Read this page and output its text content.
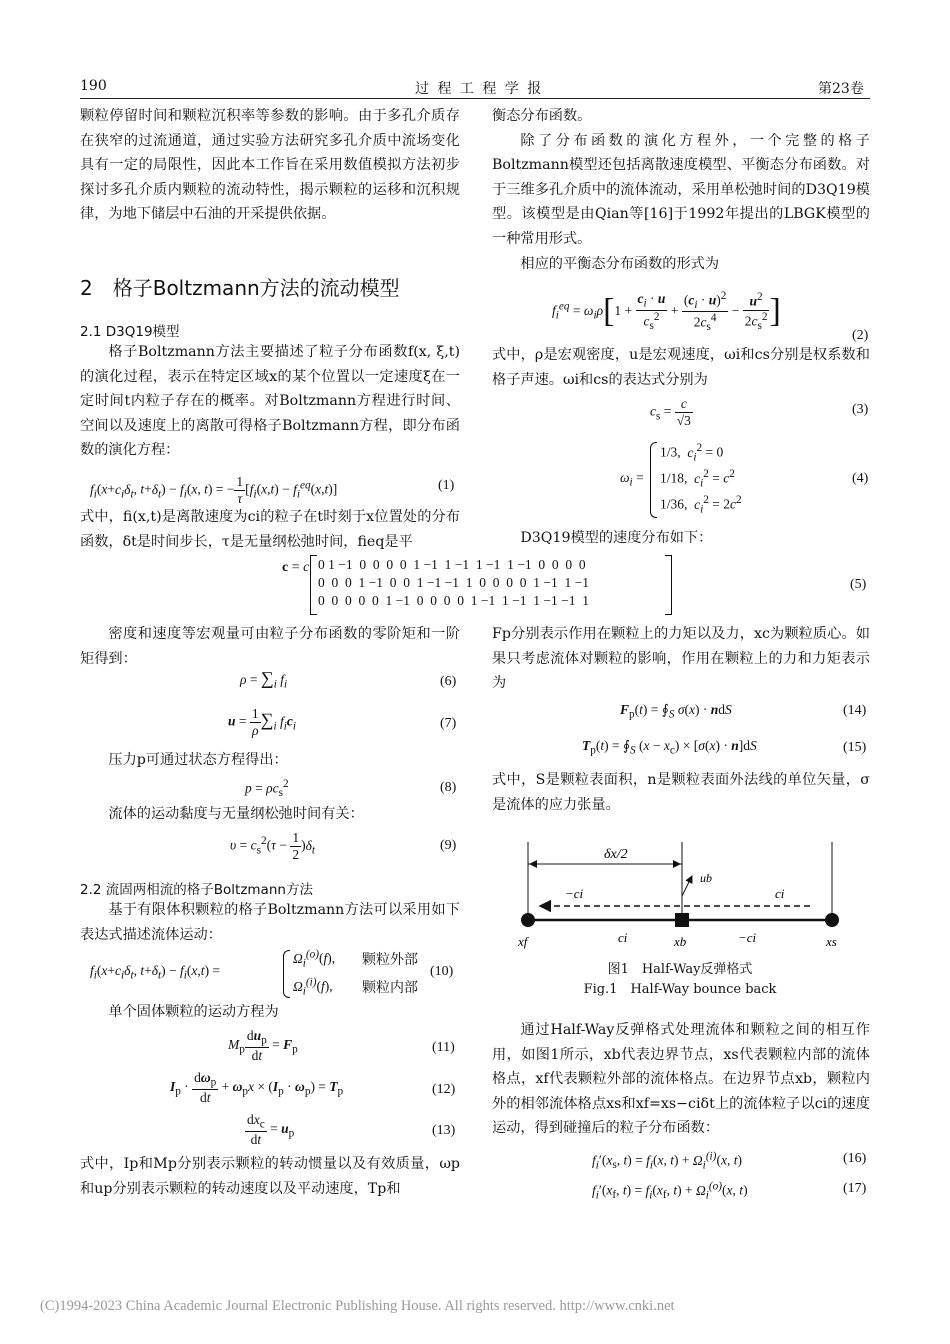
190	过 程 工 程 学 报	第23卷

颗粒停留时间和颗粒沉积率等参数的影响。由于多孔介质存在狭窄的过流通道，通过实验方法研究多孔介质中流场变化具有一定的局限性，因此本工作旨在采用数值模拟方法初步探讨多孔介质内颗粒的流动特性，揭示颗粒的运移和沉积规律，为地下储层中石油的开采提供依据。

2　格子Boltzmann方法的流动模型
2.1 D3Q19模型

格子Boltzmann方法主要描述了粒子分布函数f(x, ξ,t)的演化过程，表示在特定区域x的某个位置以一定速度ξ在一定时间t内粒子存在的概率。对Boltzmann方程进行时间、空间以及速度上的离散可得格子Boltzmann方程，即分布函数的演化方程：

$f_i(x+c_i\delta_t$, $t+\delta_t) - f_i(x$, t) = − $\frac{1}{\tau} [f_i(x,t) - f_i^{eq}(x,t)]$	(1)

式中，fi(x,t)是离散速度为ci的粒子在t时刻于x位置处的分布函数，δt是时间步长，τ是无量纲松弛时间，fieq是平

c = c 0 1 −1  0  0  0  0  1 −1  1 −1  1 −1  1 −1  0  0  0  0
0  0  0  1 −1  0  0  1 −1 −1  1  0  0  0  0  1 −1  1 −1
0  0  0  0  0  1 −1  0  0  0  0  1 −1  1 −1  1 −1 −1  1
(5)

密度和速度等宏观量可由粒子分布函数的零阶矩和一阶矩得到：

$\rho = \sum_i$ $f_i$	(6)
$u = \frac{1}{\rho} \sum_i$ $f_ic_i$	(7)

压力p可通过状态方程得出：

$p = \rho c_s^2$	(8)

流体的运动黏度与无量纲松弛时间有关：

$\upsilon = c_s^2(\tau - \frac{1}{2} )\delta_t$	(9)
2.2 流固两相流的格子Boltzmann方法

基于有限体积颗粒的格子Boltzmann方法可以采用如下表达式描述流体运动：

$f_i(x+c_i\delta_t$, $t+\delta_t) - f_i(x,t)$ =
$\Omega_i^{(o)}(f)$,
$\Omega_i^{(i)}(f)$,
颗粒外部
颗粒内部
(10)

单个固体颗粒的运动方程为

$M_p \frac{du_p}{dt} = F_p$	(11)
$I_p \cdot \frac{d\omega_p}{dt} + \omega_px \times (I_p \cdot \omega_p) = T_p$	(12)
$\frac{dx_c}{dt} = u_p$	(13)

式中，Ip和Mp分别表示颗粒的转动惯量以及有效质量，ωp和up分别表示颗粒的转动速度以及平动速度，Tp和

衡态分布函数。

除了分布函数的演化方程外，一个完整的格子Boltzmann模型还包括离散速度模型、平衡态分布函数。对于三维多孔介质中的流体流动，采用单松弛时间的D3Q19模型。该模型是由Qian等[16]于1992年提出的LBGK模型的一种常用形式。

相应的平衡态分布函数的形式为

$f_i^{eq} = \omega_i\rho[1 + \frac{c_i \cdot u}{c_s^2} + \frac{(c_i \cdot u)^2}{2c_s^4} - \frac{u^2}{2c_s^2}$ ]
(2)

式中，ρ是宏观密度，u是宏观速度，ωi和cs分别是权系数和格子声速。ωi和cs的表达式分别为

$c_s = \frac{c}{√3}$	(3)
$\omega_i$ =
1/3, $c_i^2 = 0$
1/18, $c_i^2 = c^2$
1/36, $c_i^2 = 2c^2$
(4)

D3Q19模型的速度分布如下：

Fp分别表示作用在颗粒上的力矩以及力，xc为颗粒质心。如果只考虑流体对颗粒的影响，作用在颗粒上的力和力矩表示为

$F_p(t)$ = $∮_S$ σ(x) · ndS	(14)
$T_p(t)$ = $∮_S$ $(x - x_c) \times [\sigma(x) \cdot n]dS$	(15)

式中，S是颗粒表面积，n是颗粒表面外法线的单位矢量，σ是流体的应力张量。

δx/2
ub
−ci	ci
ci	−ci
xf	xb	xs
图1　Half-Way反弹格式
Fig.1　Half-Way bounce back

通过Half-Way反弹格式处理流体和颗粒之间的相互作用，如图1所示，xb代表边界节点，xs代表颗粒内部的流体格点，xf代表颗粒外部的流体格点。在边界节点xb，颗粒内外的相邻流体格点xs和xf=xs−ciδt上的流体粒子以ci的速度运动，得到碰撞后的粒子分布函数：

$f_i'(x_s$, $t) = f_i(x$, $t) + \Omega_i^{(i)}(x$, t)	(16)
$f_i'(x_f$, $t) = f_i(x_f$, $t) + \Omega_i^{(o)}(x$, t)	(17)
(C)1994-2023 China Academic Journal Electronic Publishing House. All rights reserved. http://www.cnki.net
